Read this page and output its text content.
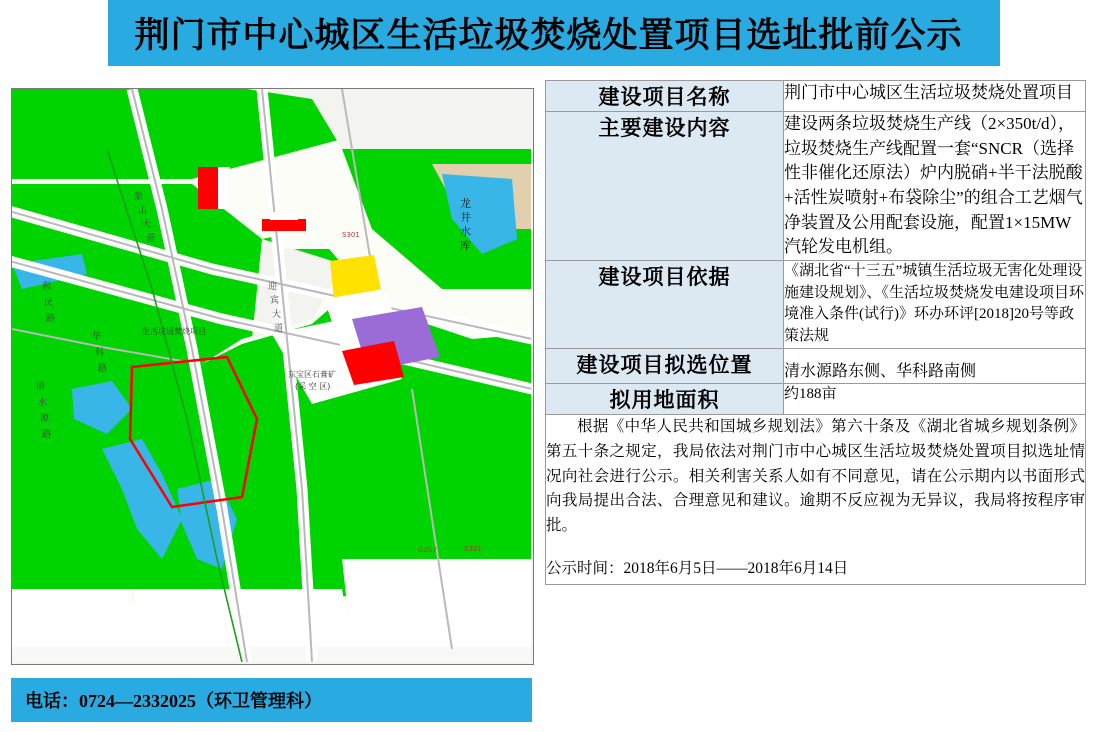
荆门市中心城区生活垃圾焚烧处置项目选址批前公示
生活垃圾焚烧项目
东宝区石膏矿
(采 空 区)
龙
井
水
库
象
山
大
道
清
水
源
路
华
科
路
利
民
路
迎
宾
大
道
S301
G207	S301
电话：0724—2332025（环卫管理科）
建设项目名称	荆门市中心城区生活垃圾焚烧处置项目
主要建设内容	建设两条垃圾焚烧生产线（2×350t/d），垃圾焚烧生产线配置一套“SNCR（选择性非催化还原法）炉内脱硝+半干法脱酸+活性炭喷射+布袋除尘”的组合工艺烟气净装置及公用配套设施，配置1×15MW汽轮发电机组。
建设项目依据	《湖北省“十三五”城镇生活垃圾无害化处理设施建设规划》、《生活垃圾焚烧发电建设项目环境准入条件(试行)》环办环评[2018]20号等政策法规
建设项目拟选位置	清水源路东侧、华科路南侧
拟用地面积	约188亩

根据《中华人民共和国城乡规划法》第六十条及《湖北省城乡规划条例》第五十条之规定，我局依法对荆门市中心城区生活垃圾焚烧处置项目拟选址情况向社会进行公示。相关利害关系人如有不同意见，请在公示期内以书面形式向我局提出合法、合理意见和建议。逾期不反应视为无异议，我局将按程序审批。

公示时间：2018年6月5日——2018年6月14日	
